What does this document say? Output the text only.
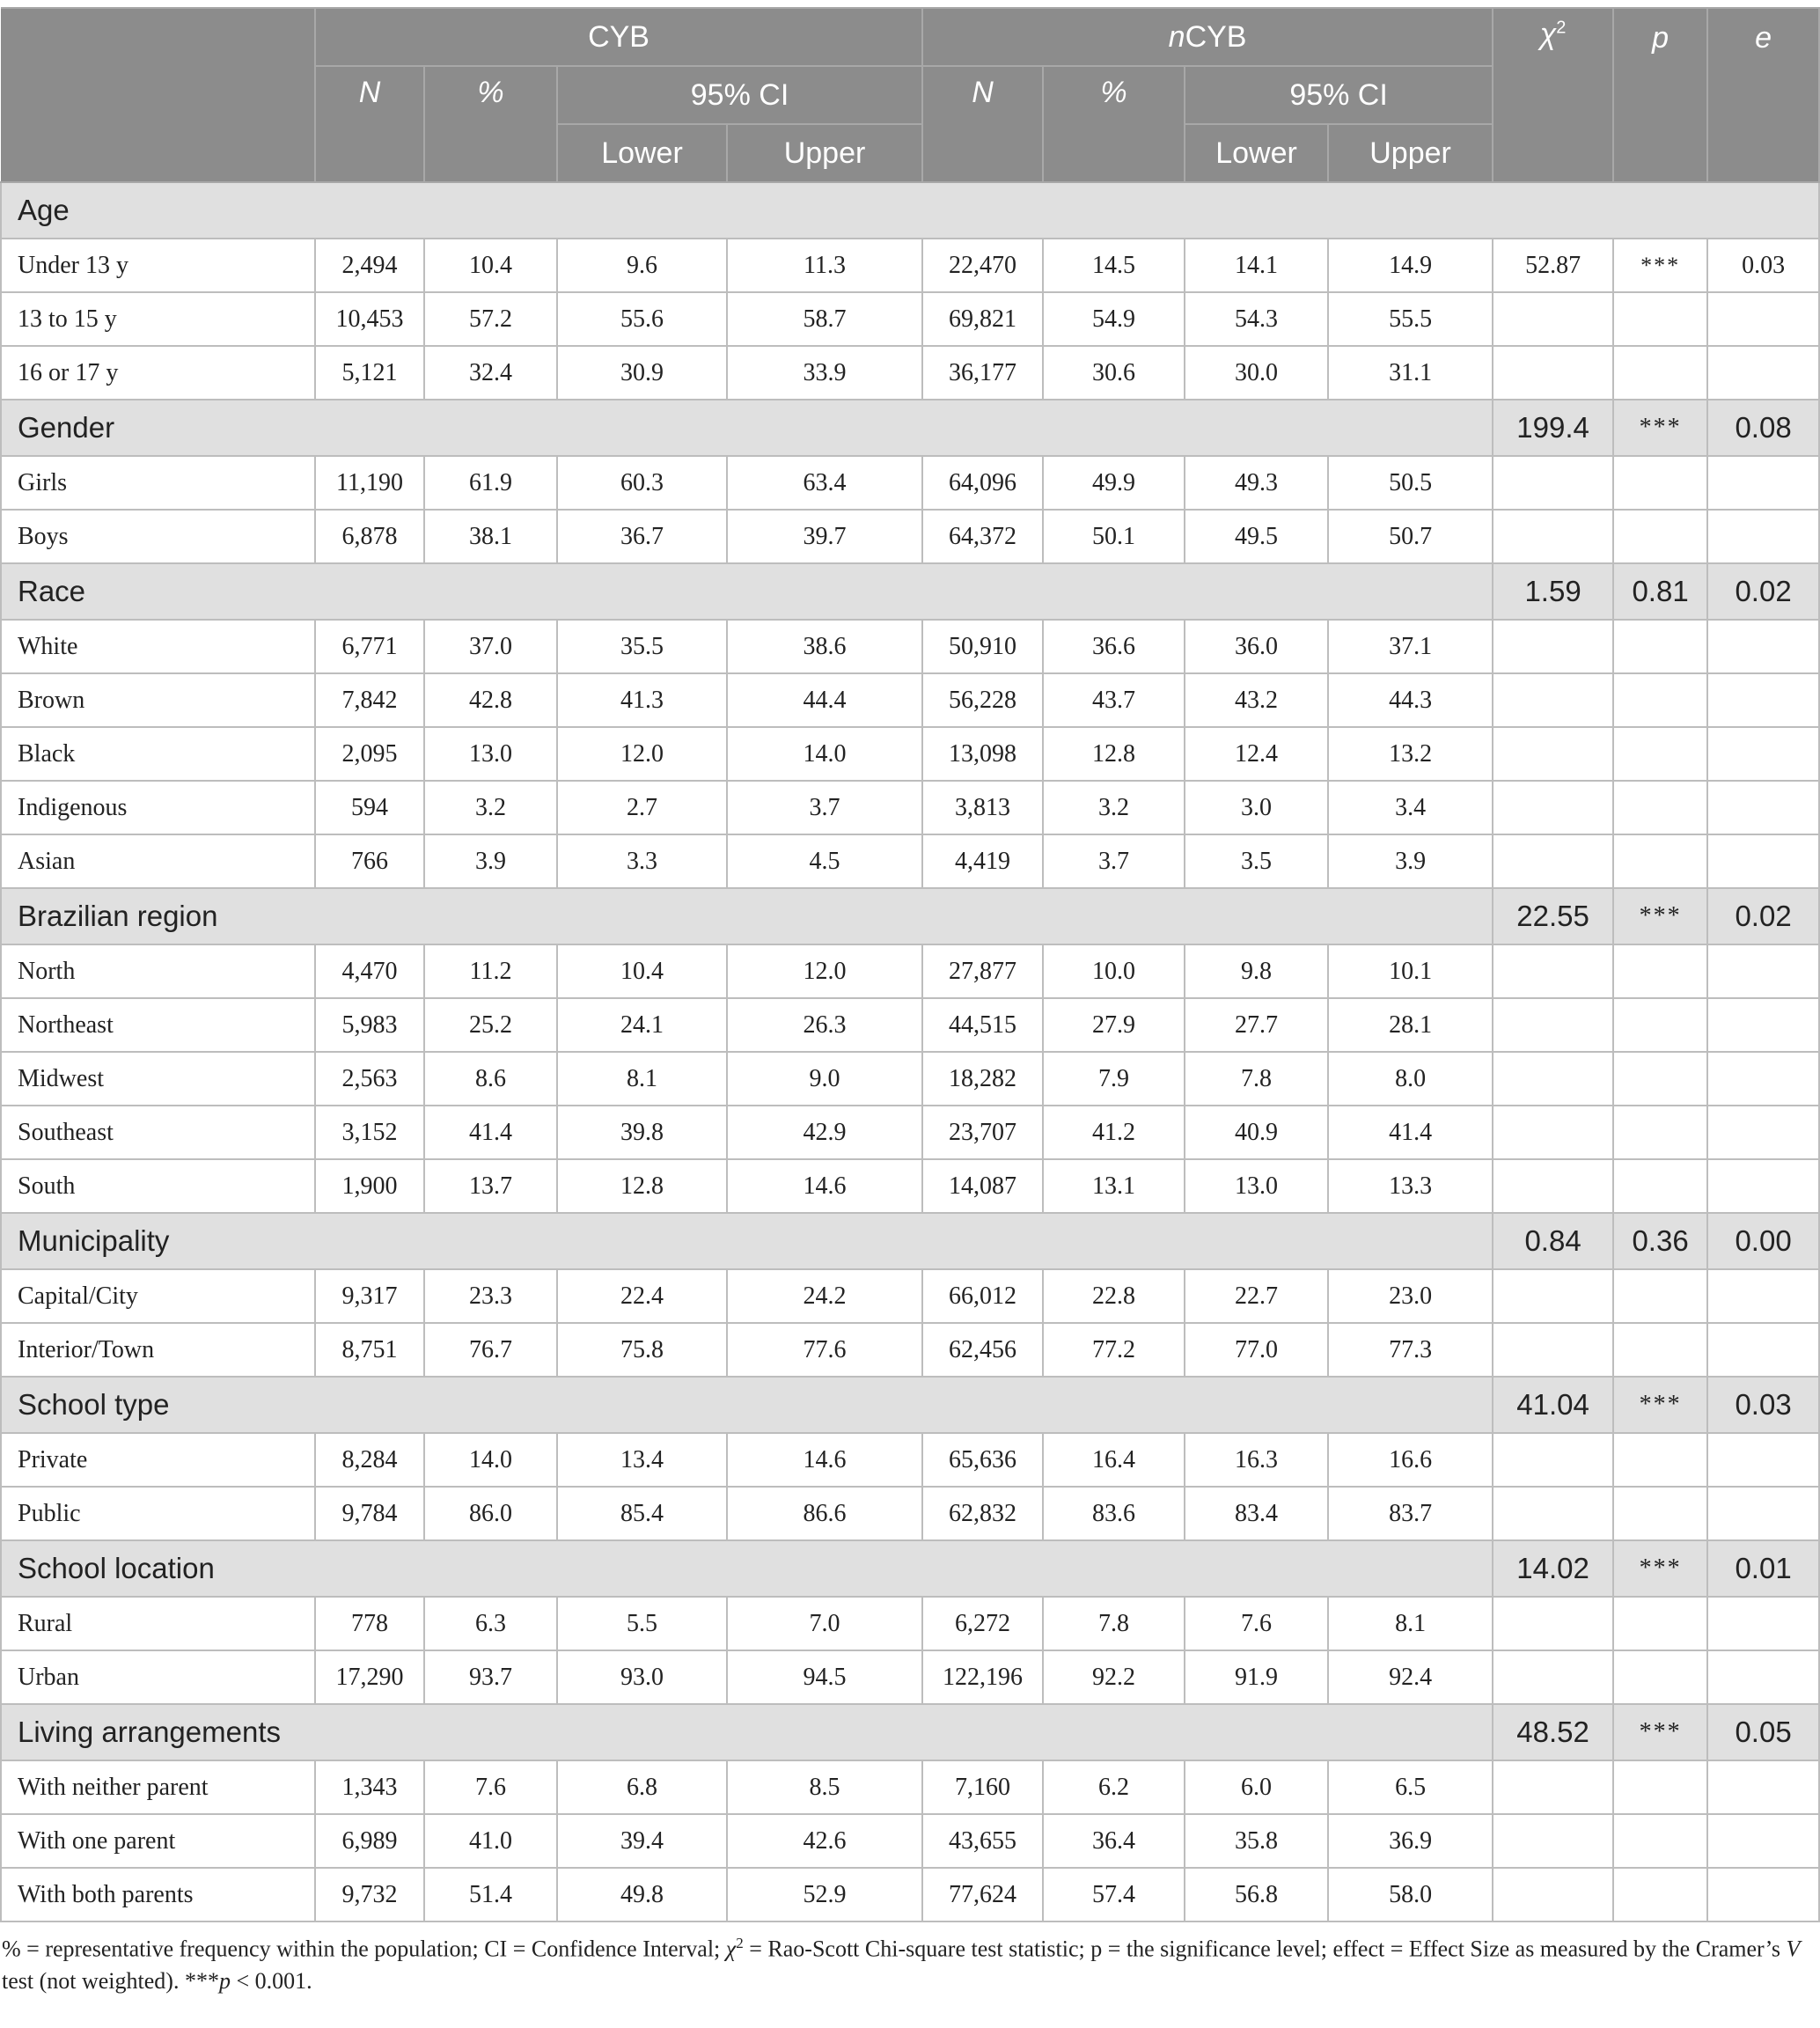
	CYB				nCYB				$\chi^2$	p	e
	N	%	95% CI		N	%	95% CI				
			Lower	Upper			Lower	Upper			
Age											
Under 13 y	2,494	10.4	9.6	11.3	22,470	14.5	14.1	14.9	52.87	***	0.03
13 to 15 y	10,453	57.2	55.6	58.7	69,821	54.9	54.3	55.5			
16 or 17 y	5,121	32.4	30.9	33.9	36,177	30.6	30.0	31.1			
Gender									199.4	***	0.08
Girls	11,190	61.9	60.3	63.4	64,096	49.9	49.3	50.5			
Boys	6,878	38.1	36.7	39.7	64,372	50.1	49.5	50.7			
Race									1.59	0.81	0.02
White	6,771	37.0	35.5	38.6	50,910	36.6	36.0	37.1			
Brown	7,842	42.8	41.3	44.4	56,228	43.7	43.2	44.3			
Black	2,095	13.0	12.0	14.0	13,098	12.8	12.4	13.2			
Indigenous	594	3.2	2.7	3.7	3,813	3.2	3.0	3.4			
Asian	766	3.9	3.3	4.5	4,419	3.7	3.5	3.9			
Brazilian region									22.55	***	0.02
North	4,470	11.2	10.4	12.0	27,877	10.0	9.8	10.1			
Northeast	5,983	25.2	24.1	26.3	44,515	27.9	27.7	28.1			
Midwest	2,563	8.6	8.1	9.0	18,282	7.9	7.8	8.0			
Southeast	3,152	41.4	39.8	42.9	23,707	41.2	40.9	41.4			
South	1,900	13.7	12.8	14.6	14,087	13.1	13.0	13.3			
Municipality									0.84	0.36	0.00
Capital/City	9,317	23.3	22.4	24.2	66,012	22.8	22.7	23.0			
Interior/Town	8,751	76.7	75.8	77.6	62,456	77.2	77.0	77.3			
School type									41.04	***	0.03
Private	8,284	14.0	13.4	14.6	65,636	16.4	16.3	16.6			
Public	9,784	86.0	85.4	86.6	62,832	83.6	83.4	83.7			
School location									14.02	***	0.01
Rural	778	6.3	5.5	7.0	6,272	7.8	7.6	8.1			
Urban	17,290	93.7	93.0	94.5	122,196	92.2	91.9	92.4			
Living arrangements									48.52	***	0.05
With neither parent	1,343	7.6	6.8	8.5	7,160	6.2	6.0	6.5			
With one parent	6,989	41.0	39.4	42.6	43,655	36.4	35.8	36.9			
With both parents	9,732	51.4	49.8	52.9	77,624	57.4	56.8	58.0			
% = representative frequency within the population; CI = Confidence Interval; $\chi^2 = Rao-Scott$ Chi-square test statistic; p = the significance level; effect = Effect Size as measured by the Cramer’s V test (not weighted). ***p < 0.001.
